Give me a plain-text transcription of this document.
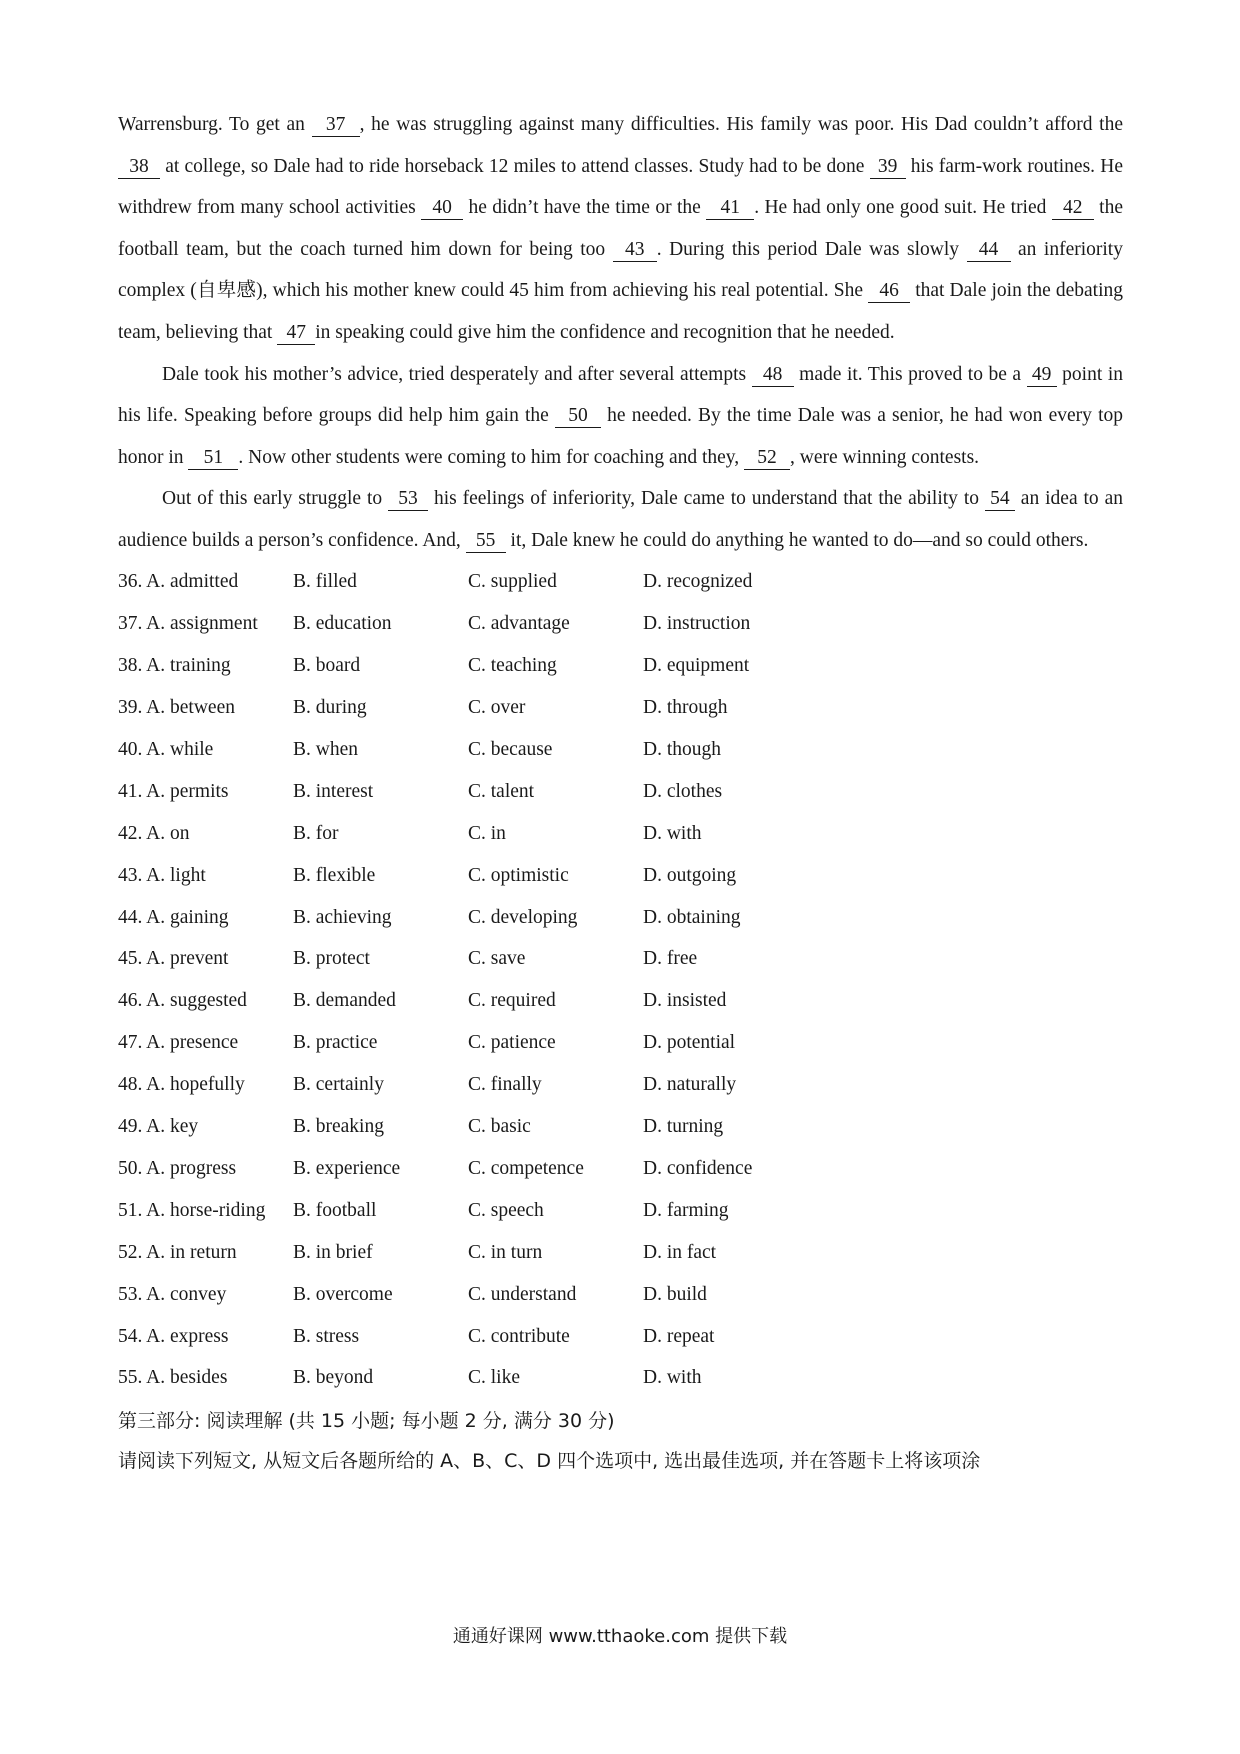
Warrensburg. To get an 37 , he was struggling against many difficulties. His family was poor. His Dad couldn’t afford the 38 at college, so Dale had to ride horseback 12 miles to attend classes. Study had to be done 39 his farm-work routines. He withdrew from many school activities 40 he didn’t have the time or the 41 . He had only one good suit. He tried 42 the football team, but the coach turned him down for being too 43 . During this period Dale was slowly 44 an inferiority complex (自卑感), which his mother knew could 45 him from achieving his real potential. She 46 that Dale join the debating team, believing that 47 in speaking could give him the confidence and recognition that he needed.

Dale took his mother’s advice, tried desperately and after several attempts 48 made it. This proved to be a 49 point in his life. Speaking before groups did help him gain the 50 he needed. By the time Dale was a senior, he had won every top honor in 51 . Now other students were coming to him for coaching and they, 52 , were winning contests.

Out of this early struggle to 53 his feelings of inferiority, Dale came to understand that the ability to 54 an idea to an audience builds a person’s confidence. And, 55 it, Dale knew he could do anything he wanted to do—and so could others.

36. A. admitted	B. filled	C. supplied	D. recognized
37. A. assignment	B. education	C. advantage	D. instruction
38. A. training	B. board	C. teaching	D. equipment
39. A. between	B. during	C. over	D. through
40. A. while	B. when	C. because	D. though
41. A. permits	B. interest	C. talent	D. clothes
42. A. on	B. for	C. in	D. with
43. A. light	B. flexible	C. optimistic	D. outgoing
44. A. gaining	B. achieving	C. developing	D. obtaining
45. A. prevent	B. protect	C. save	D. free
46. A. suggested	B. demanded	C. required	D. insisted
47. A. presence	B. practice	C. patience	D. potential
48. A. hopefully	B. certainly	C. finally	D. naturally
49. A. key	B. breaking	C. basic	D. turning
50. A. progress	B. experience	C. competence	D. confidence
51. A. horse-riding	B. football	C. speech	D. farming
52. A. in return	B. in brief	C. in turn	D. in fact
53. A. convey	B. overcome	C. understand	D. build
54. A. express	B. stress	C. contribute	D. repeat
55. A. besides	B. beyond	C. like	D. with

第三部分: 阅读理解 (共 15 小题; 每小题 2 分, 满分 30 分)

请阅读下列短文, 从短文后各题所给的 A、B、C、D 四个选项中, 选出最佳选项, 并在答题卡上将该项涂

通通好课网 www.tthaoke.com 提供下载
